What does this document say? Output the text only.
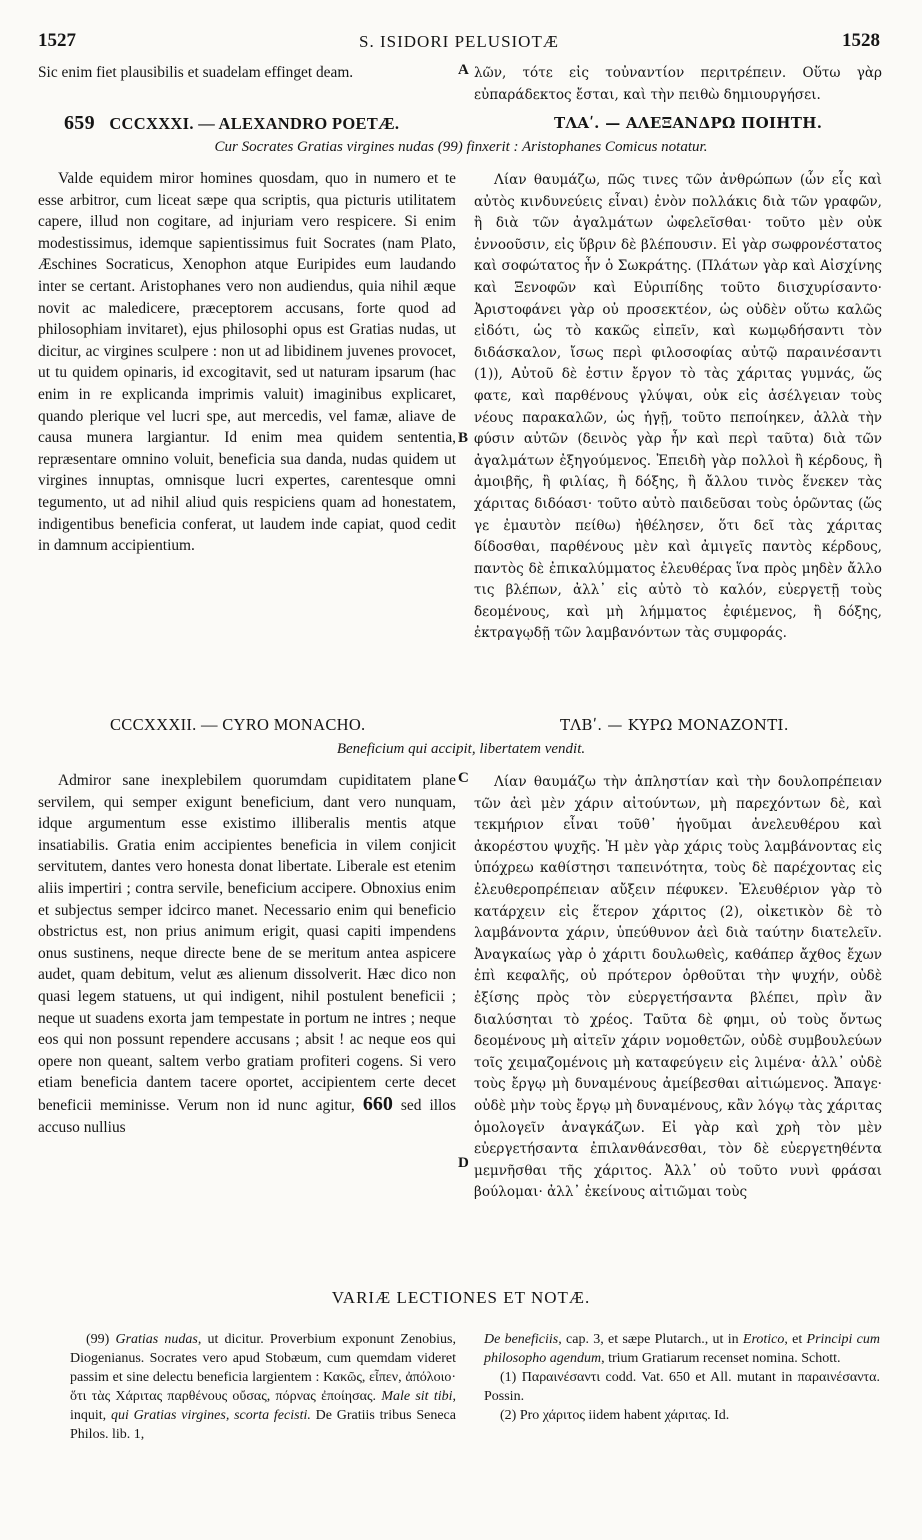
1527	S. ISIDORI PELUSIOTÆ	1528

Sic enim fiet plausibilis et suadelam effinget deam.	A λῶν, τότε εἰς τοὐναντίον περιτρέπειν. Οὕτω γὰρ εὐπαράδεκτος ἔσται, καὶ τὴν πειθὼ δημιουργήσει.

659 CCCXXXI. — ALEXANDRO POETÆ.	ΤΛΑʹ. — ΑΛΕΞΑΝΔΡΩ ΠΟΙΗΤΗ.
Cur Socrates Gratias virgines nudas (99) finxerit : Aristophanes Comicus notatur.

Valde equidem miror homines quosdam, quo in numero et te esse arbitror, cum liceat sæpe qua scriptis, qua picturis utilitatem capere, illud non cogitare, ad injuriam vero respicere. Si enim modestissimus, idemque sapientissimus fuit Socrates (nam Plato, Æschines Socraticus, Xenophon atque Euripides eum laudando inter se certant. Aristophanes vero non audiendus, quia nihil æque novit ac maledicere, præceptorem accusans, forte quod ad philosophiam invitaret), ejus philosophi opus est Gratias nudas, ut dicitur, ac virgines sculpere : non ut ad libidinem juvenes provocet, ut tu quidem opinaris, id excogitavit, sed ut naturam ipsarum (hac enim in re explicanda imprimis valuit) imaginibus explicaret, quando plerique vel lucri spe, aut mercedis, vel famæ, aliave de causa munera largiantur. Id enim mea quidem sententia, repræsentare omnino voluit, beneficia sua danda, nudas quidem ut virgines innuptas, omnisque lucri expertes, carentesque omni tegumento, ut ad nihil aliud quis respiciens quam ad honestatem, indigentibus beneficia conferat, ut laudem inde capiat, quod cedit in damnum accipientium.

B

Λίαν θαυμάζω, πῶς τινες τῶν ἀνθρώπων (ὧν εἷς καὶ αὐτὸς κινδυνεύεις εἶναι) ἐνὸν πολλάκις διὰ τῶν γραφῶν, ἢ διὰ τῶν ἀγαλμάτων ὠφελεῖσθαι· τοῦτο μὲν οὐκ ἐννοοῦσιν, εἰς ὕβριν δὲ βλέπουσιν. Εἰ γὰρ σωφρονέστατος καὶ σοφώτατος ἦν ὁ Σωκράτης. (Πλάτων γὰρ καὶ Αἰσχίνης καὶ Ξενοφῶν καὶ Εὐριπίδης τοῦτο διισχυρίσαντο· Ἀριστοφάνει γὰρ οὐ προσεκτέον, ὡς οὐδὲν οὕτω καλῶς εἰδότι, ὡς τὸ κακῶς εἰπεῖν, καὶ κωμῳδήσαντι τὸν διδάσκαλον, ἴσως περὶ φιλοσοφίας αὐτῷ παραινέσαντι (1)), Αὐτοῦ δὲ ἐστιν ἔργον τὸ τὰς χάριτας γυμνάς, ὥς φατε, καὶ παρθένους γλύψαι, οὐκ εἰς ἀσέλγειαν τοὺς νέους παρακαλῶν, ὡς ἡγῇ, τοῦτο πεποίηκεν, ἀλλὰ τὴν φύσιν αὐτῶν (δεινὸς γὰρ ἦν καὶ περὶ ταῦτα) διὰ τῶν ἀγαλμάτων ἐξηγούμενος. Ἐπειδὴ γὰρ πολλοὶ ἢ κέρδους, ἢ ἀμοιβῆς, ἢ φιλίας, ἢ δόξης, ἢ ἄλλου τινὸς ἕνεκεν τὰς χάριτας διδόασι· τοῦτο αὐτὸ παιδεῦσαι τοὺς ὁρῶντας (ὥς γε ἐμαυτὸν πείθω) ἠθέλησεν, ὅτι δεῖ τὰς χάριτας δίδοσθαι, παρθένους μὲν καὶ ἀμιγεῖς παντὸς κέρδους, παντὸς δὲ ἐπικαλύμματος ἐλευθέρας ἵνα πρὸς μηδὲν ἄλλο τις βλέπων, ἀλλ᾽ εἰς αὐτὸ τὸ καλόν, εὐεργετῇ τοὺς δεομένους, καὶ μὴ λήμματος ἐφιέμενος, ἢ δόξης, ἐκτραγῳδῇ τῶν λαμβανόντων τὰς συμφοράς.

CCCXXXII. — CYRO MONACHO.	ΤΛΒʹ. — ΚΥΡΩ ΜΟΝΑΖΟΝΤΙ.
Beneficium qui accipit, libertatem vendit.

Admiror sane inexplebilem quorumdam cupiditatem plane servilem, qui semper exigunt beneficium, dant vero nunquam, idque argumentum esse existimo illiberalis mentis atque insatiabilis. Gratia enim accipientes beneficia in vilem conjicit servitutem, dantes vero honesta donat libertate. Liberale est etenim aliis impertiri ; contra servile, beneficium accipere. Obnoxius enim et subjectus semper idcirco manet. Necessario enim qui beneficio obstrictus est, non prius animum erigit, quasi capiti impendens onus sustinens, neque directe bene de se meritum antea aspicere audet, quam debitum, velut æs alienum dissolverit. Hæc dico non quasi legem statuens, ut qui indigent, nihil postulent beneficii ; neque ut suadens exorta jam tempestate in portum ne intres ; neque eos qui non possunt rependere accusans ; absit ! ac neque eos qui opere non queant, saltem verbo gratiam profiteri cogens. Si vero etiam beneficia dantem tacere oportet, accipientem certe decet beneficii meminisse. Verum non id nunc agitur, 660 sed illos accuso nullius

C
D

Λίαν θαυμάζω τὴν ἀπληστίαν καὶ τὴν δουλοπρέπειαν τῶν ἀεὶ μὲν χάριν αἰτούντων, μὴ παρεχόντων δὲ, καὶ τεκμήριον εἶναι τοῦθ᾽ ἡγοῦμαι ἀνελευθέρου καὶ ἀκορέστου ψυχῆς. Ἡ μὲν γὰρ χάρις τοὺς λαμβάνοντας εἰς ὑπόχρεω καθίστησι ταπεινότητα, τοὺς δὲ παρέχοντας εἰς ἐλευθεροπρέπειαν αὔξειν πέφυκεν. Ἐλευθέριον γὰρ τὸ κατάρχειν εἰς ἕτερον χάριτος (2), οἰκετικὸν δὲ τὸ λαμβάνοντα χάριν, ὑπεύθυνον ἀεὶ διὰ ταύτην διατελεῖν. Ἀναγκαίως γὰρ ὁ χάριτι δουλωθεὶς, καθάπερ ἄχθος ἔχων ἐπὶ κεφαλῆς, οὐ πρότερον ὀρθοῦται τὴν ψυχήν, οὐδὲ ἐξίσης πρὸς τὸν εὐεργετήσαντα βλέπει, πρὶν ἂν διαλύσηται τὸ χρέος. Ταῦτα δὲ φημι, οὐ τοὺς ὄντως δεομένους μὴ αἰτεῖν χάριν νομοθετῶν, οὐδὲ συμβουλεύων τοῖς χειμαζομένοις μὴ καταφεύγειν εἰς λιμένα· ἀλλ᾽ οὐδὲ τοὺς ἔργῳ μὴ δυναμένους ἀμείβεσθαι αἰτιώμενος. Ἄπαγε· οὐδὲ μὴν τοὺς ἔργῳ μὴ δυναμένους, κἂν λόγῳ τὰς χάριτας ὁμολογεῖν ἀναγκάζων. Εἰ γὰρ καὶ χρὴ τὸν μὲν εὐεργετήσαντα ἐπιλανθάνεσθαι, τὸν δὲ εὐεργετηθέντα μεμνῆσθαι τῆς χάριτος. Ἀλλ᾽ οὐ τοῦτο νυνὶ φράσαι βούλομαι· ἀλλ᾽ ἐκείνους αἰτιῶμαι τοὺς

VARIÆ LECTIONES ET NOTÆ.

(99) Gratias nudas, ut dicitur. Proverbium exponunt Zenobius, Diogenianus. Socrates vero apud Stobæum, cum quemdam videret passim et sine delectu beneficia largientem : Κακῶς, εἶπεν, ἀπόλοιο· ὅτι τὰς Χάριτας παρθένους οὔσας, πόρνας ἐποίησας. Male sit tibi, inquit, qui Gratias virgines, scorta fecisti. De Gratiis tribus Seneca Philos. lib. 1,

De beneficiis, cap. 3, et sæpe Plutarch., ut in Erotico, et Principi cum philosopho agendum, trium Gratiarum recenset nomina. Schott.

(1) Παραινέσαντι codd. Vat. 650 et All. mutant in παραινέσαντα. Possin.

(2) Pro χάριτος iidem habent χάριτας. Id.
